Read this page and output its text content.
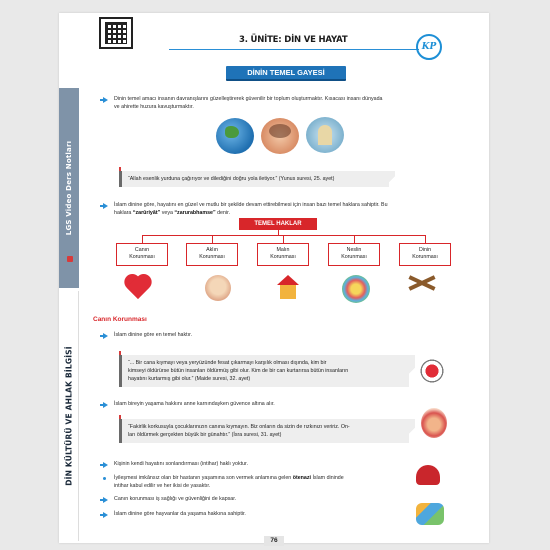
LGS Video Ders Notları
DİN KÜLTÜRÜ VE AHLAK BİLGİSİ
3. ÜNİTE: DİN VE HAYAT
KP
DİNİN TEMEL GAYESİ
Dinin temel amacı insanın davranışlarını güzelleştirerek güvenilir bir toplum oluşturmaktır. Kısacası insanı dünyada
ve ahirette huzura kavuşturmaktır.
“Allah esenlik yurduna çağırıyor ve dilediğini doğru yola iletiyor.” (Yunus suresi, 25. ayet)
İslam dinine göre, hayatını en güzel ve mutlu bir şekilde devam ettirebilmesi için insan bazı temel haklara sahiptir. Bu
haklara “zarûriyât” veya “zarurabhamse” denir.
TEMEL HAKLAR
Canın
Korunması
Aklın
Korunması
Malın
Korunması
Neslin
Korunması
Dinin
Korunması
Canın Korunması
İslam dinine göre en temel haktır.
“... Bir cana kıymayı veya yeryüzünde fesat çıkarmayı karşılık olması dışında, kim bir
kimseyi öldürürse bütün insanları öldürmüş gibi olur. Kim de bir can kurtarırsa bütün insanların
hayatını kurtarmış gibi olur.” (Maide suresi, 32. ayet)
İslam bireyin yaşama hakkını anne karnındayken güvence altına alır.
“Fakirlik korkusuyla çocuklarınızın canına kıymayın. Biz onların da sizin de rızkınızı veririz. On-
ları öldürmek gerçekten büyük bir günahtır.” (İsra suresi, 31. ayet)
Kişinin kendi hayatını sonlandırması (intihar) haklı yoktur.
İyileşmesi imkânsız olan bir hastanın yaşamına son vermek anlamına gelen ötenazi İslam dininde
intihar kabul edilir ve her ikisi de yasaktır.
Canın korunması iş sağlığı ve güvenliğini de kapsar.
İslam dinine göre hayvanlar da yaşama hakkına sahiptir.
76
